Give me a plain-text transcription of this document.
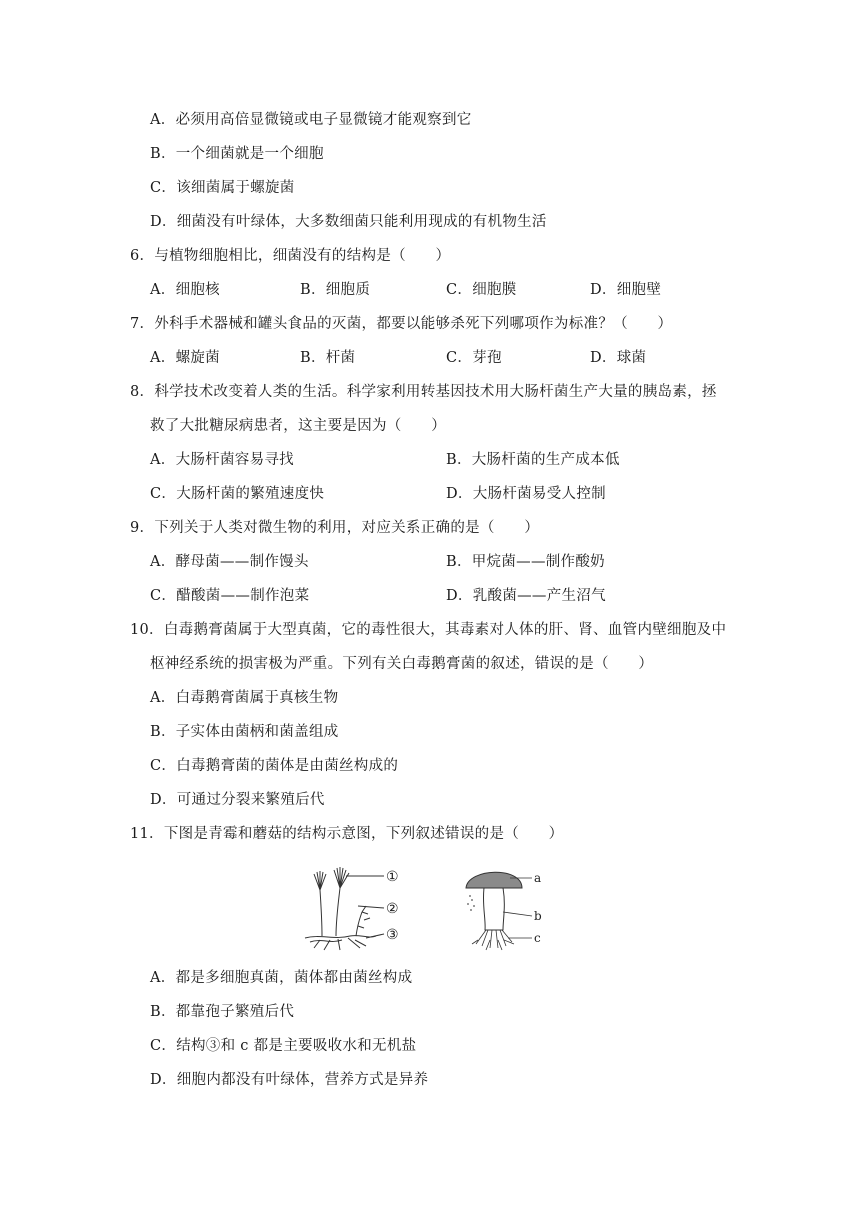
A．必须用高倍显微镜或电子显微镜才能观察到它
B．一个细菌就是一个细胞
C．该细菌属于螺旋菌
D．细菌没有叶绿体，大多数细菌只能利用现成的有机物生活
6．与植物细胞相比，细菌没有的结构是（　　）
A．细胞核	B．细胞质	C．细胞膜	D．细胞壁
7．外科手术器械和罐头食品的灭菌，都要以能够杀死下列哪项作为标准？（　　）
A．螺旋菌	B．杆菌	C．芽孢	D．球菌
8．科学技术改变着人类的生活。科学家利用转基因技术用大肠杆菌生产大量的胰岛素，拯
救了大批糖尿病患者，这主要是因为（　　）
A．大肠杆菌容易寻找	B．大肠杆菌的生产成本低
C．大肠杆菌的繁殖速度快	D．大肠杆菌易受人控制
9．下列关于人类对微生物的利用，对应关系正确的是（　　）
A．酵母菌——制作馒头	B．甲烷菌——制作酸奶
C．醋酸菌——制作泡菜	D．乳酸菌——产生沼气
10．白毒鹅膏菌属于大型真菌，它的毒性很大，其毒素对人体的肝、肾、血管内壁细胞及中
枢神经系统的损害极为严重。下列有关白毒鹅膏菌的叙述，错误的是（　　）
A．白毒鹅膏菌属于真核生物
B．子实体由菌柄和菌盖组成
C．白毒鹅膏菌的菌体是由菌丝构成的
D．可通过分裂来繁殖后代
11．下图是青霉和蘑菇的结构示意图，下列叙述错误的是（　　）
①
②
③
a
b
c
A．都是多细胞真菌，菌体都由菌丝构成
B．都靠孢子繁殖后代
C．结构③和 c 都是主要吸收水和无机盐
D．细胞内都没有叶绿体，营养方式是异养
